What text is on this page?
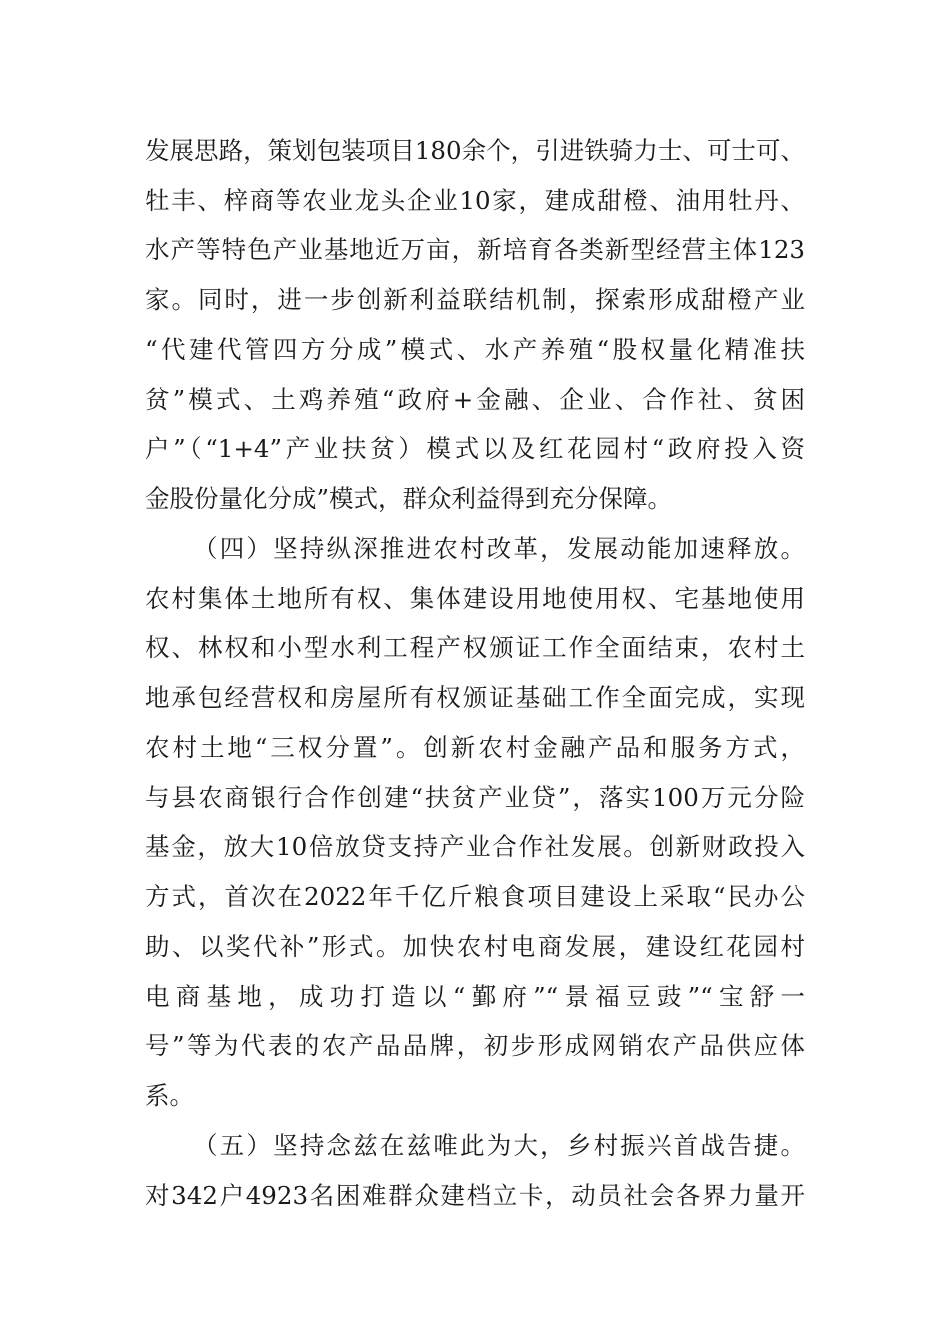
发展思路，策划包装项目180余个，引进铁骑力士、可士可、
牡丰、梓商等农业龙头企业10家，建成甜橙、油用牡丹、
水产等特色产业基地近万亩，新培育各类新型经营主体123
家。同时，进一步创新利益联结机制，探索形成甜橙产业
“代建代管四方分成”模式、水产养殖“股权量化精准扶
贫”模式、土鸡养殖“政府+金融、企业、合作社、贫困
户”（“1+4”产业扶贫）模式以及红花园村“政府投入资
金股份量化分成”模式，群众利益得到充分保障。
（四）坚持纵深推进农村改革，发展动能加速释放。
农村集体土地所有权、集体建设用地使用权、宅基地使用
权、林权和小型水利工程产权颁证工作全面结束，农村土
地承包经营权和房屋所有权颁证基础工作全面完成，实现
农村土地“三权分置”。创新农村金融产品和服务方式，
与县农商银行合作创建“扶贫产业贷”，落实100万元分险
基金，放大10倍放贷支持产业合作社发展。创新财政投入
方式，首次在2022年千亿斤粮食项目建设上采取“民办公
助、以奖代补”形式。加快农村电商发展，建设红花园村
电商基地，成功打造以“鄞府”“景福豆豉”“宝舒一
号”等为代表的农产品品牌，初步形成网销农产品供应体
系。
（五）坚持念兹在兹唯此为大，乡村振兴首战告捷。
对342户4923名困难群众建档立卡，动员社会各界力量开
